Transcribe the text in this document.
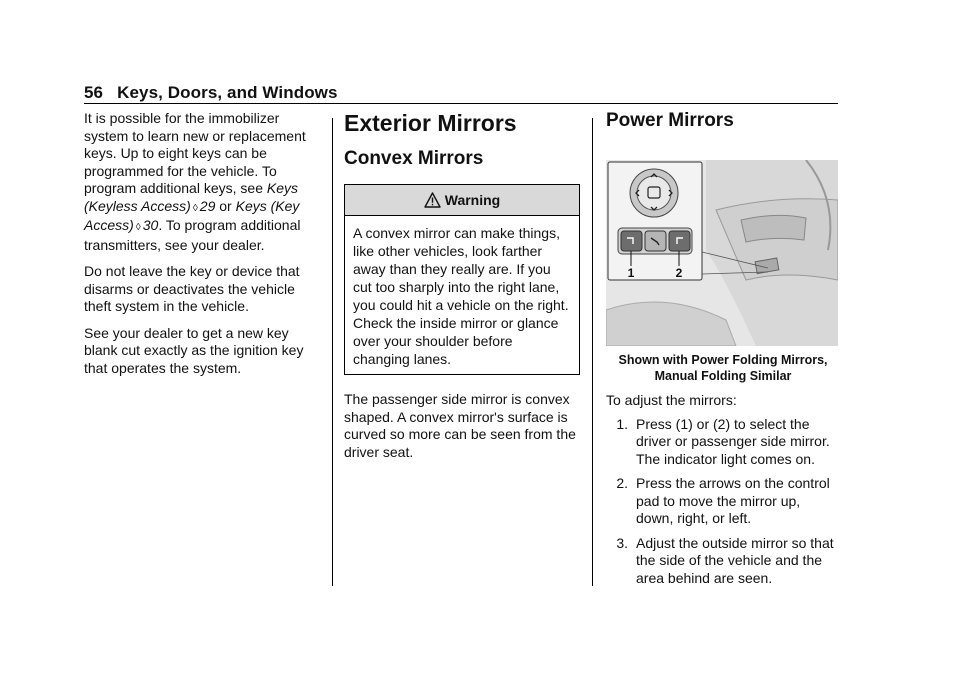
56 Keys, Doors, and Windows

It is possible for the immobilizer system to learn new or replacement keys. Up to eight keys can be programmed for the vehicle. To program additional keys, see Keys (Keyless Access) ◊ 29 or Keys (Key Access) ◊ 30. To program additional transmitters, see your dealer.

Do not leave the key or device that disarms or deactivates the vehicle theft system in the vehicle.

See your dealer to get a new key blank cut exactly as the ignition key that operates the system.

Exterior Mirrors
Convex Mirrors
Warning
A convex mirror can make things, like other vehicles, look farther away than they really are. If you cut too sharply into the right lane, you could hit a vehicle on the right. Check the inside mirror or glance over your shoulder before changing lanes.

The passenger side mirror is convex shaped. A convex mirror's surface is curved so more can be seen from the driver seat.

Power Mirrors
1	2
Shown with Power Folding Mirrors, Manual Folding Similar

To adjust the mirrors:

1. Press (1) or (2) to select the driver or passenger side mirror. The indicator light comes on.
2. Press the arrows on the control pad to move the mirror up, down, right, or left.
3. Adjust the outside mirror so that the side of the vehicle and the area behind are seen.
